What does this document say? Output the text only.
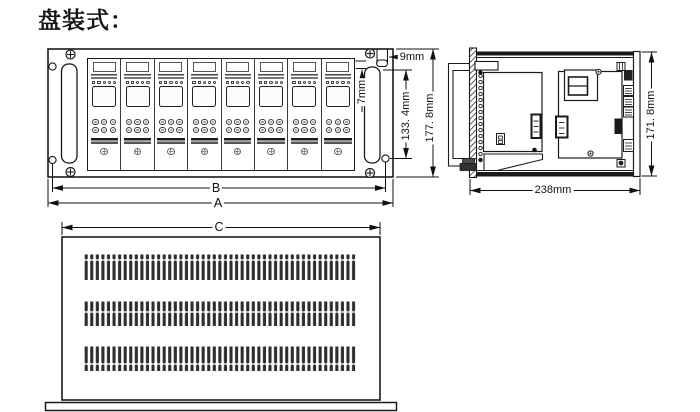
盘装式：
9mm
7mm	133. 4mm 177. 8mm
B
A
171. 8mm
238mm
C
